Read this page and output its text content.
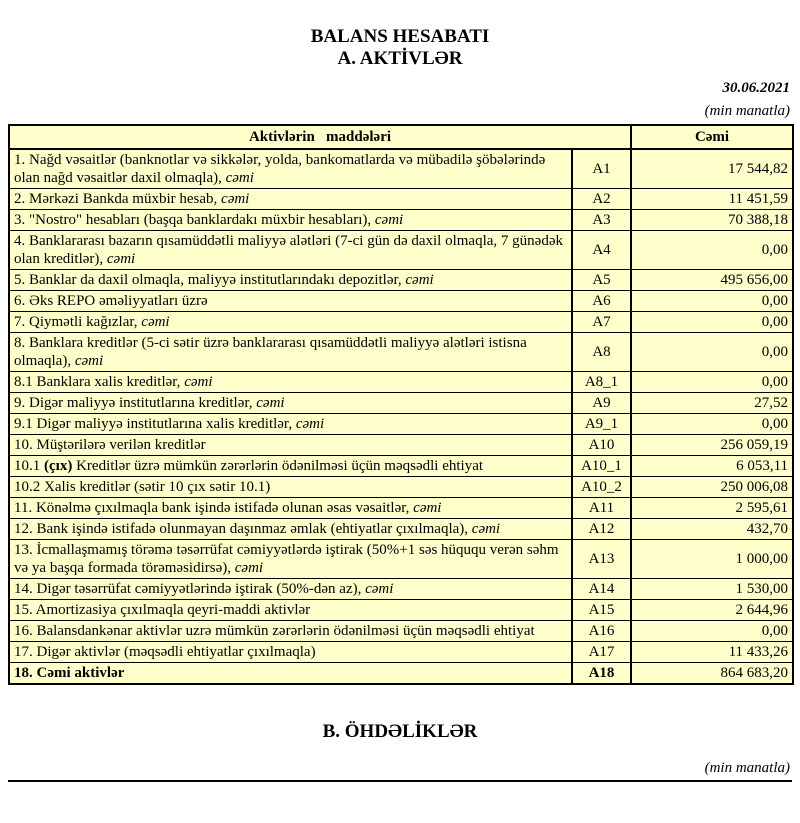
BALANS HESABATI
A. AKTİVLƏR
30.06.2021
(min manatla)
Aktivlərin   maddələri		Cəmi
1. Nağd vəsaitlər (banknotlar və sikkələr, yolda, bankomatlarda və mübadilə şöbələrində olan nağd vəsaitlər daxil olmaqla), cəmi	A1	17 544,82
2. Mərkəzi Bankda müxbir hesab, cəmi	A2	11 451,59
3. "Nostro" hesabları (başqa banklardakı müxbir hesabları), cəmi	A3	70 388,18
4. Banklararası bazarın qısamüddətli maliyyə alətləri (7-ci gün də daxil olmaqla, 7 günədək olan kreditlər), cəmi	A4	0,00
5. Banklar da daxil olmaqla, maliyyə institutlarındakı depozitlər, cəmi	A5	495 656,00
6. Əks REPO əməliyyatları üzrə	A6	0,00
7. Qiymətli kağızlar, cəmi	A7	0,00
8. Banklara kreditlər (5-ci sətir üzrə banklararası qısamüddətli maliyyə alətləri istisna olmaqla), cəmi	A8	0,00
8.1 Banklara xalis kreditlər, cəmi	A8_1	0,00
9. Digər maliyyə institutlarına kreditlər, cəmi	A9	27,52
9.1 Digər maliyyə institutlarına xalis kreditlər, cəmi	A9_1	0,00
10. Müştərilərə verilən kreditlər	A10	256 059,19
10.1 (çıx) Kreditlər üzrə mümkün zərərlərin ödənilməsi üçün məqsədli ehtiyat	A10_1	6 053,11
10.2 Xalis kreditlər (sətir 10 çıx sətir 10.1)	A10_2	250 006,08
11. Könəlmə çıxılmaqla bank işində istifadə olunan əsas vəsaitlər, cəmi	A11	2 595,61
12. Bank işində istifadə olunmayan daşınmaz əmlak (ehtiyatlar çıxılmaqla), cəmi	A12	432,70
13. İcmallaşmamış törəmə təsərrüfat cəmiyyətlərdə iştirak (50%+1 səs hüququ verən səhm və ya başqa formada törəməsidirsə), cəmi	A13	1 000,00
14. Digər təsərrüfat cəmiyyətlərində iştirak (50%-dən az), cəmi	A14	1 530,00
15. Amortizasiya çıxılmaqla qeyri-maddi aktivlər	A15	2 644,96
16. Balansdankənar aktivlər uzrə mümkün zərərlərin ödənilməsi üçün məqsədli ehtiyat	A16	0,00
17. Digər aktivlər (məqsədli ehtiyatlar çıxılmaqla)	A17	11 433,26
18. Cəmi aktivlər	A18	864 683,20
B. ÖHDƏLİKLƏR
(min manatla)
